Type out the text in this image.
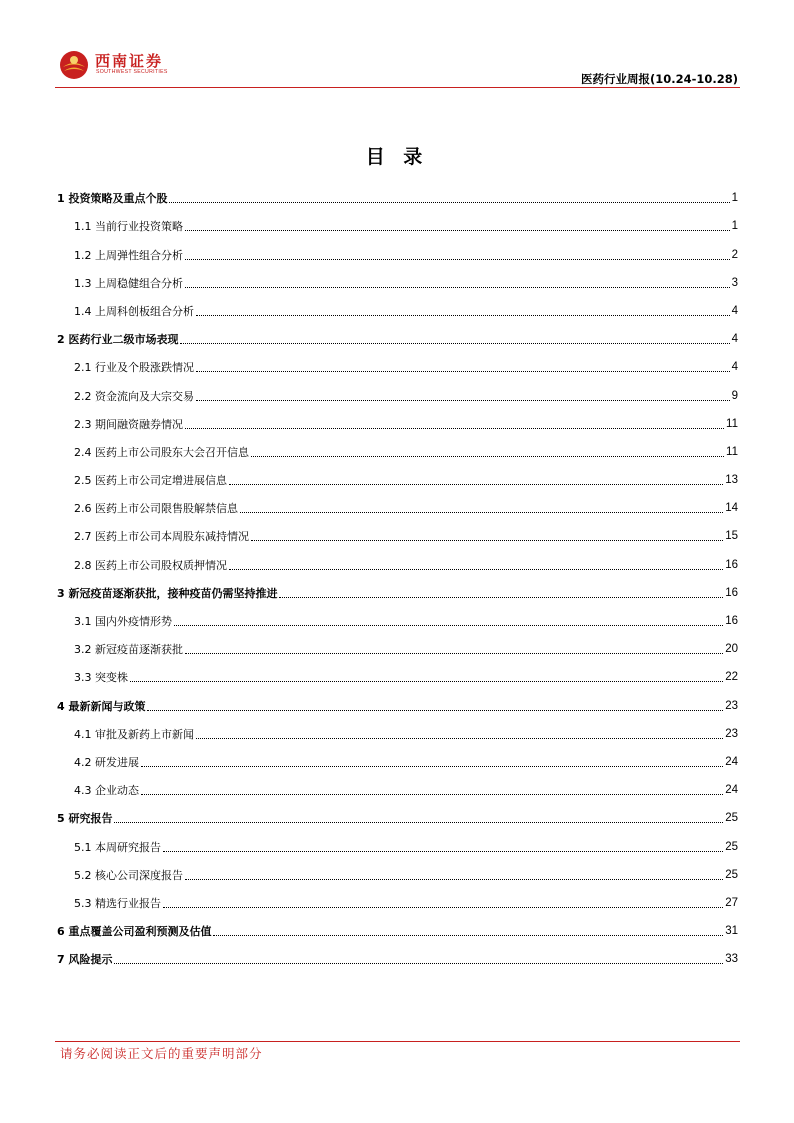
西南证券
SOUTHWEST SECURITIES	医药行业周报(10.24-10.28)
目 录
1 投资策略及重点个股	1
1.1 当前行业投资策略	1
1.2 上周弹性组合分析	2
1.3 上周稳健组合分析	3
1.4 上周科创板组合分析	4
2 医药行业二级市场表现	4
2.1 行业及个股涨跌情况	4
2.2 资金流向及大宗交易	9
2.3 期间融资融券情况	11
2.4 医药上市公司股东大会召开信息	11
2.5 医药上市公司定增进展信息	13
2.6 医药上市公司限售股解禁信息	14
2.7 医药上市公司本周股东减持情况	15
2.8 医药上市公司股权质押情况	16
3 新冠疫苗逐渐获批，接种疫苗仍需坚持推进	16
3.1 国内外疫情形势	16
3.2 新冠疫苗逐渐获批	20
3.3 突变株	22
4 最新新闻与政策	23
4.1 审批及新药上市新闻	23
4.2 研发进展	24
4.3 企业动态	24
5 研究报告	25
5.1 本周研究报告	25
5.2 核心公司深度报告	25
5.3 精选行业报告	27
6 重点覆盖公司盈利预测及估值	31
7 风险提示	33
请务必阅读正文后的重要声明部分
